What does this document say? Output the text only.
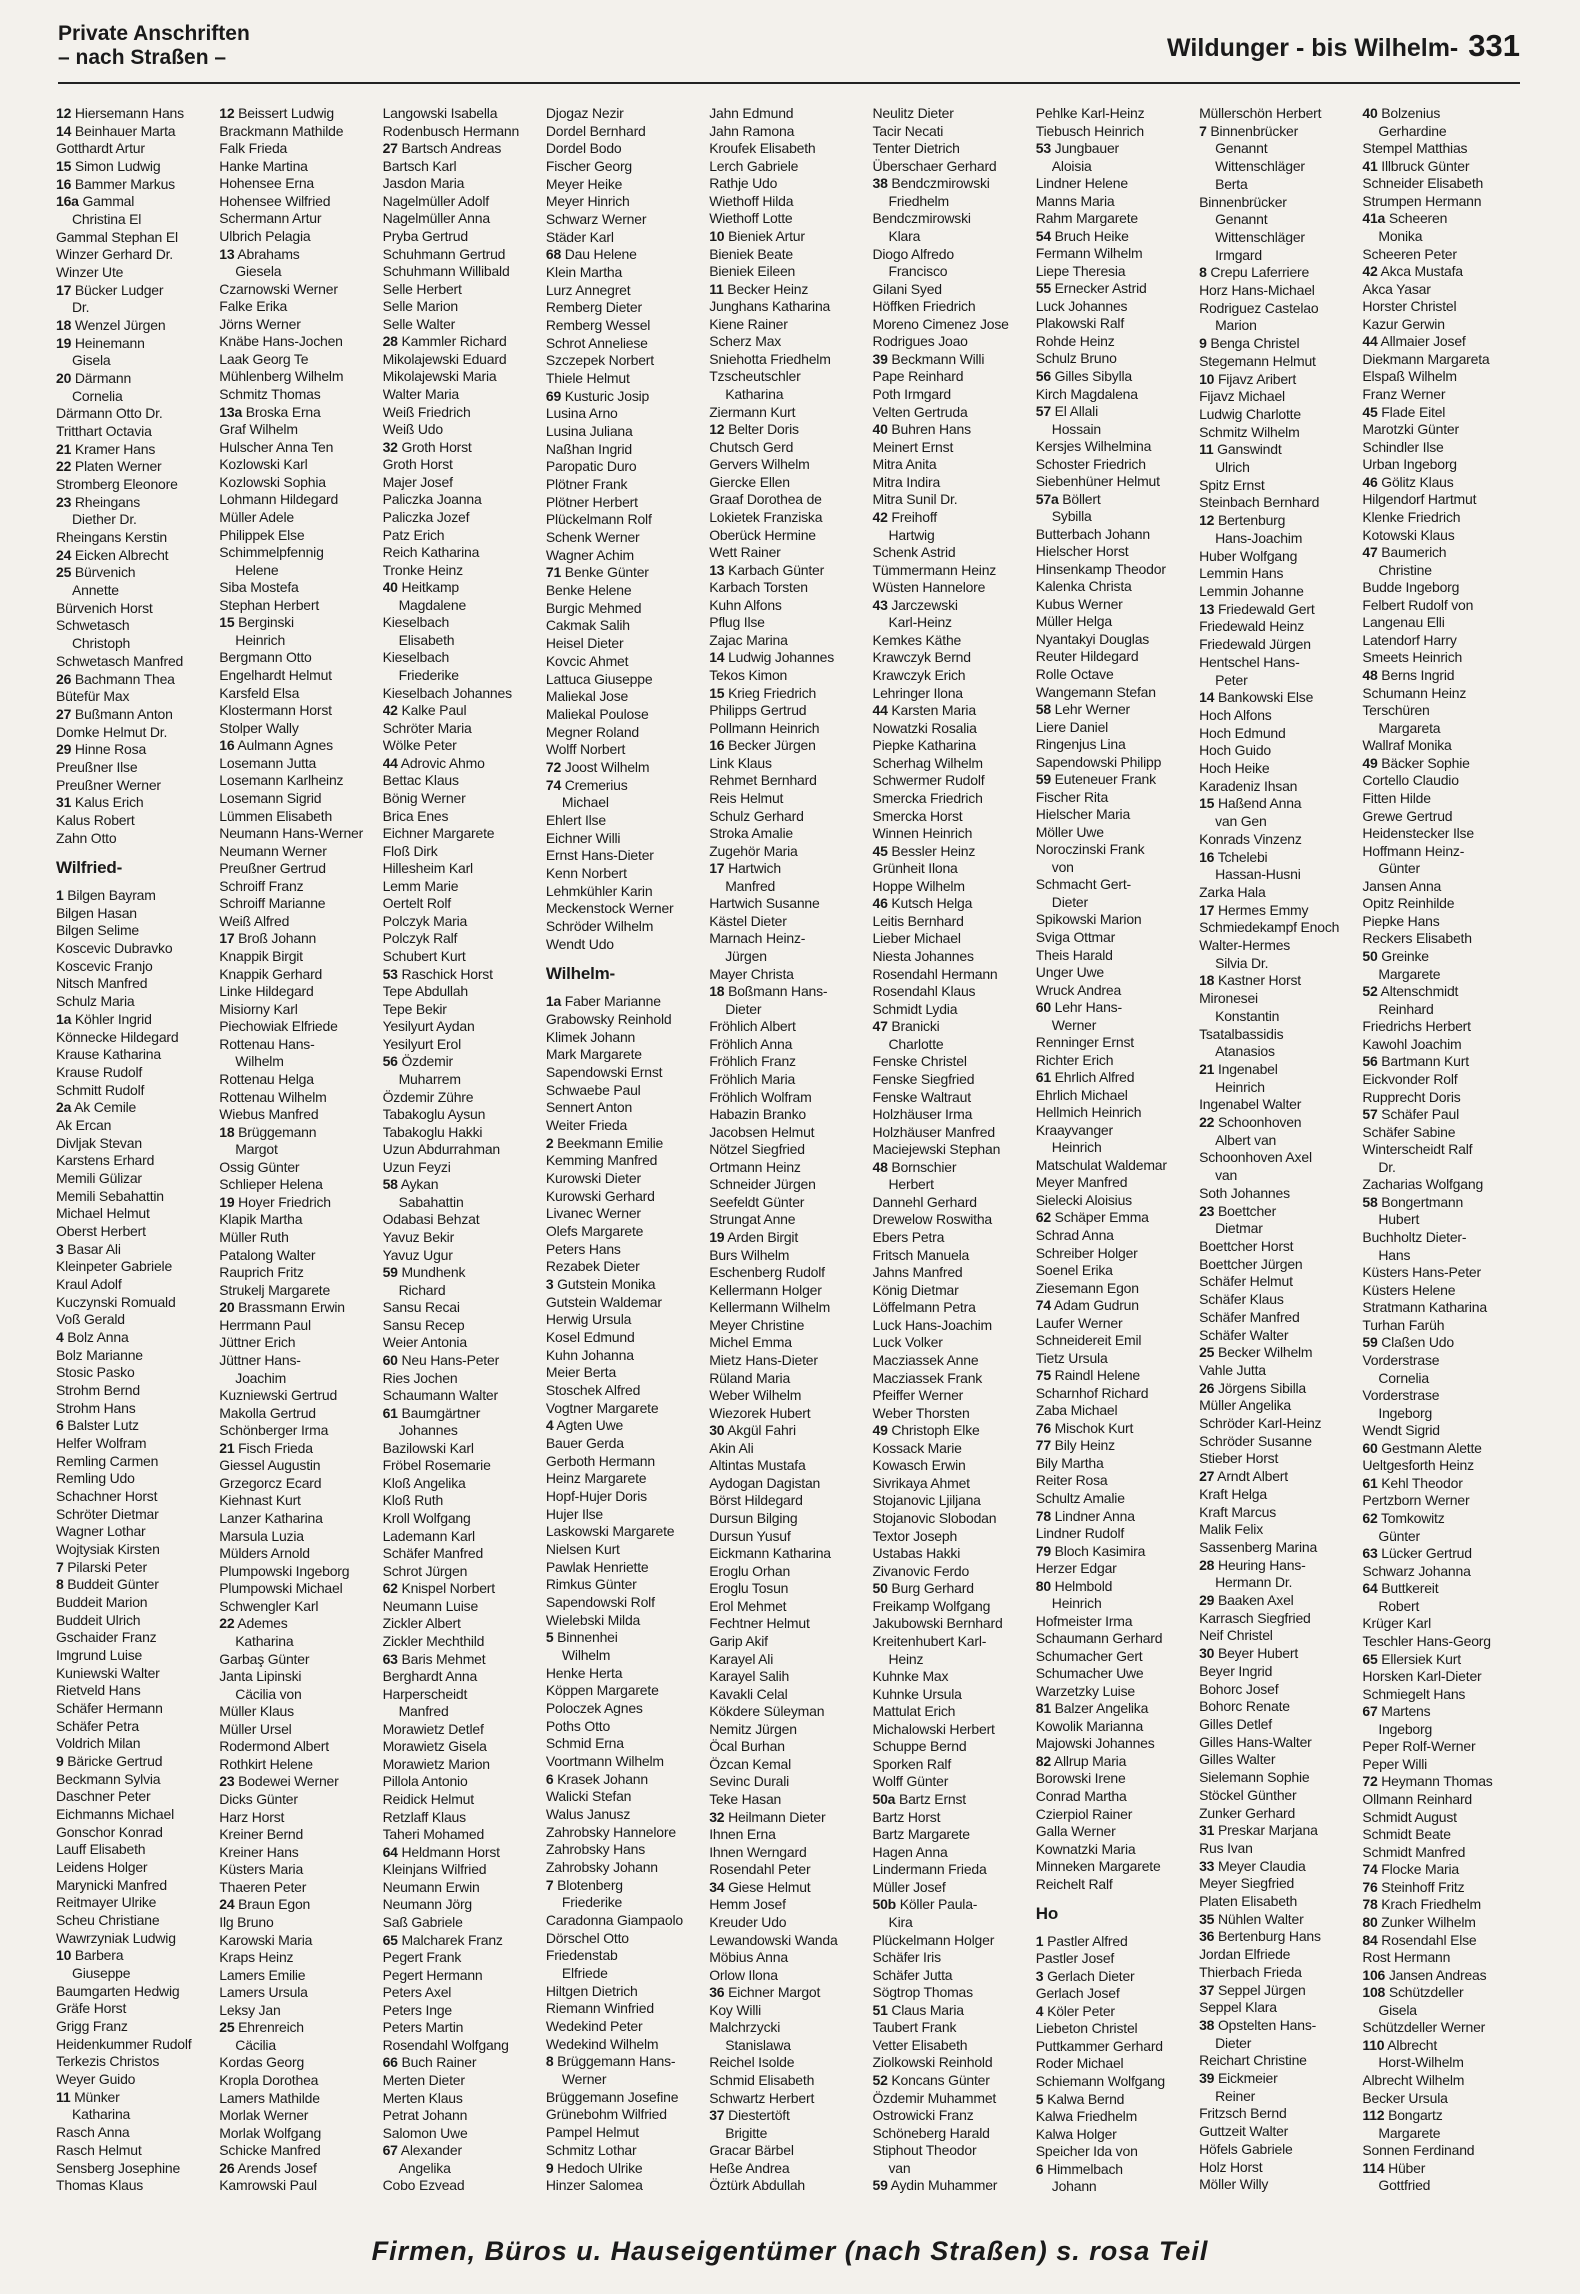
Private Anschriften
– nach Straßen –	Wildunger - bis Wilhelm- 331
12 Hiersemann Hans
14 Beinhauer Marta
Gotthardt Artur
15 Simon Ludwig
16 Bammer Markus
16a Gammal
Christina El
Gammal Stephan El
Winzer Gerhard Dr.
Winzer Ute
17 Bücker Ludger
Dr.
18 Wenzel Jürgen
19 Heinemann
Gisela
20 Därmann
Cornelia
Därmann Otto Dr.
Tritthart Octavia
21 Kramer Hans
22 Platen Werner
Stromberg Eleonore
23 Rheingans
Diether Dr.
Rheingans Kerstin
24 Eicken Albrecht
25 Bürvenich
Annette
Bürvenich Horst
Schwetasch
Christoph
Schwetasch Manfred
26 Bachmann Thea
Bütefür Max
27 Bußmann Anton
Domke Helmut Dr.
29 Hinne Rosa
Preußner Ilse
Preußner Werner
31 Kalus Erich
Kalus Robert
Zahn Otto
Wilfried-
1 Bilgen Bayram
Bilgen Hasan
Bilgen Selime
Koscevic Dubravko
Koscevic Franjo
Nitsch Manfred
Schulz Maria
1a Köhler Ingrid
Könnecke Hildegard
Krause Katharina
Krause Rudolf
Schmitt Rudolf
2a Ak Cemile
Ak Ercan
Divljak Stevan
Karstens Erhard
Memili Gülizar
Memili Sebahattin
Michael Helmut
Oberst Herbert
3 Basar Ali
Kleinpeter Gabriele
Kraul Adolf
Kuczynski Romuald
Voß Gerald
4 Bolz Anna
Bolz Marianne
Stosic Pasko
Strohm Bernd
Strohm Hans
6 Balster Lutz
Helfer Wolfram
Remling Carmen
Remling Udo
Schachner Horst
Schröter Dietmar
Wagner Lothar
Wojtysiak Kirsten
7 Pilarski Peter
8 Buddeit Günter
Buddeit Marion
Buddeit Ulrich
Gschaider Franz
Imgrund Luise
Kuniewski Walter
Rietveld Hans
Schäfer Hermann
Schäfer Petra
Voldrich Milan
9 Bäricke Gertrud
Beckmann Sylvia
Daschner Peter
Eichmanns Michael
Gonschor Konrad
Lauff Elisabeth
Leidens Holger
Marynicki Manfred
Reitmayer Ulrike
Scheu Christiane
Wawrzyniak Ludwig
10 Barbera
Giuseppe
Baumgarten Hedwig
Gräfe Horst
Grigg Franz
Heidenkummer Rudolf
Terkezis Christos
Weyer Guido
11 Münker
Katharina
Rasch Anna
Rasch Helmut
Sensberg Josephine
Thomas Klaus
12 Beissert Ludwig
Brackmann Mathilde
Falk Frieda
Hanke Martina
Hohensee Erna
Hohensee Wilfried
Schermann Artur
Ulbrich Pelagia
13 Abrahams
Giesela
Czarnowski Werner
Falke Erika
Jörns Werner
Knäbe Hans-Jochen
Laak Georg Te
Mühlenberg Wilhelm
Schmitz Thomas
13a Broska Erna
Graf Wilhelm
Hulscher Anna Ten
Kozlowski Karl
Kozlowski Sophia
Lohmann Hildegard
Müller Adele
Philippek Else
Schimmelpfennig
Helene
Siba Mostefa
Stephan Herbert
15 Berginski
Heinrich
Bergmann Otto
Engelhardt Helmut
Karsfeld Elsa
Klostermann Horst
Stolper Wally
16 Aulmann Agnes
Losemann Jutta
Losemann Karlheinz
Losemann Sigrid
Lümmen Elisabeth
Neumann Hans-Werner
Neumann Werner
Preußner Gertrud
Schroiff Franz
Schroiff Marianne
Weiß Alfred
17 Broß Johann
Knappik Birgit
Knappik Gerhard
Linke Hildegard
Misiorny Karl
Piechowiak Elfriede
Rottenau Hans-
Wilhelm
Rottenau Helga
Rottenau Wilhelm
Wiebus Manfred
18 Brüggemann
Margot
Ossig Günter
Schlieper Helena
19 Hoyer Friedrich
Klapik Martha
Müller Ruth
Patalong Walter
Rauprich Fritz
Strukelj Margarete
20 Brassmann Erwin
Herrmann Paul
Jüttner Erich
Jüttner Hans-
Joachim
Kuzniewski Gertrud
Makolla Gertrud
Schönberger Irma
21 Fisch Frieda
Giessel Augustin
Grzegorcz Ecard
Kiehnast Kurt
Lanzer Katharina
Marsula Luzia
Mülders Arnold
Plumpowski Ingeborg
Plumpowski Michael
Schwengler Karl
22 Ademes
Katharina
Garbaş Günter
Janta Lipinski
Cäcilia von
Müller Klaus
Müller Ursel
Rodermond Albert
Rothkirt Helene
23 Bodewei Werner
Dicks Günter
Harz Horst
Kreiner Bernd
Kreiner Hans
Küsters Maria
Thaeren Peter
24 Braun Egon
Ilg Bruno
Karowski Maria
Kraps Heinz
Lamers Emilie
Lamers Ursula
Leksy Jan
25 Ehrenreich
Cäcilia
Kordas Georg
Kropla Dorothea
Lamers Mathilde
Morlak Werner
Morlak Wolfgang
Schicke Manfred
26 Arends Josef
Kamrowski Paul
Langowski Isabella
Rodenbusch Hermann
27 Bartsch Andreas
Bartsch Karl
Jasdon Maria
Nagelmüller Adolf
Nagelmüller Anna
Pryba Gertrud
Schuhmann Gertrud
Schuhmann Willibald
Selle Herbert
Selle Marion
Selle Walter
28 Kammler Richard
Mikolajewski Eduard
Mikolajewski Maria
Walter Maria
Weiß Friedrich
Weiß Udo
32 Groth Horst
Groth Horst
Majer Josef
Paliczka Joanna
Paliczka Jozef
Patz Erich
Reich Katharina
Tronke Heinz
40 Heitkamp
Magdalene
Kieselbach
Elisabeth
Kieselbach
Friederike
Kieselbach Johannes
42 Kalke Paul
Schröter Maria
Wölke Peter
44 Adrovic Ahmo
Bettac Klaus
Bönig Werner
Brica Enes
Eichner Margarete
Floß Dirk
Hillesheim Karl
Lemm Marie
Oertelt Rolf
Polczyk Maria
Polczyk Ralf
Schubert Kurt
53 Raschick Horst
Tepe Abdullah
Tepe Bekir
Yesilyurt Aydan
Yesilyurt Erol
56 Özdemir
Muharrem
Özdemir Zühre
Tabakoglu Aysun
Tabakoglu Hakki
Uzun Abdurrahman
Uzun Feyzi
58 Aykan
Sabahattin
Odabasi Behzat
Yavuz Bekir
Yavuz Ugur
59 Mundhenk
Richard
Sansu Recai
Sansu Recep
Weier Antonia
60 Neu Hans-Peter
Ries Jochen
Schaumann Walter
61 Baumgärtner
Johannes
Bazilowski Karl
Fröbel Rosemarie
Kloß Angelika
Kloß Ruth
Kroll Wolfgang
Lademann Karl
Schäfer Manfred
Schrot Jürgen
62 Knispel Norbert
Neumann Luise
Zickler Albert
Zickler Mechthild
63 Baris Mehmet
Berghardt Anna
Harperscheidt
Manfred
Morawietz Detlef
Morawietz Gisela
Morawietz Marion
Pillola Antonio
Reidick Helmut
Retzlaff Klaus
Taheri Mohamed
64 Heldmann Horst
Kleinjans Wilfried
Neumann Erwin
Neumann Jörg
Saß Gabriele
65 Malcharek Franz
Pegert Frank
Pegert Hermann
Peters Axel
Peters Inge
Peters Martin
Rosendahl Wolfgang
66 Buch Rainer
Merten Dieter
Merten Klaus
Petrat Johann
Salomon Uwe
67 Alexander
Angelika
Cobo Ezvead
Djogaz Nezir
Dordel Bernhard
Dordel Bodo
Fischer Georg
Meyer Heike
Meyer Hinrich
Schwarz Werner
Städer Karl
68 Dau Helene
Klein Martha
Lurz Annegret
Remberg Dieter
Remberg Wessel
Schrot Anneliese
Szczepek Norbert
Thiele Helmut
69 Kusturic Josip
Lusina Arno
Lusina Juliana
Naßhan Ingrid
Paropatic Duro
Plötner Frank
Plötner Herbert
Plückelmann Rolf
Schenk Werner
Wagner Achim
71 Benke Günter
Benke Helene
Burgic Mehmed
Cakmak Salih
Heisel Dieter
Kovcic Ahmet
Lattuca Giuseppe
Maliekal Jose
Maliekal Poulose
Megner Roland
Wolff Norbert
72 Joost Wilhelm
74 Cremerius
Michael
Ehlert Ilse
Eichner Willi
Ernst Hans-Dieter
Kenn Norbert
Lehmkühler Karin
Meckenstock Werner
Schröder Wilhelm
Wendt Udo
Wilhelm-
1a Faber Marianne
Grabowsky Reinhold
Klimek Johann
Mark Margarete
Sapendowski Ernst
Schwaebe Paul
Sennert Anton
Weiter Frieda
2 Beekmann Emilie
Kemming Manfred
Kurowski Dieter
Kurowski Gerhard
Livanec Werner
Olefs Margarete
Peters Hans
Rezabek Dieter
3 Gutstein Monika
Gutstein Waldemar
Herwig Ursula
Kosel Edmund
Kuhn Johanna
Meier Berta
Stoschek Alfred
Vogtner Margarete
4 Agten Uwe
Bauer Gerda
Gerboth Hermann
Heinz Margarete
Hopf-Hujer Doris
Hujer Ilse
Laskowski Margarete
Nielsen Kurt
Pawlak Henriette
Rimkus Günter
Sapendowski Rolf
Wielebski Milda
5 Binnenhei
Wilhelm
Henke Herta
Köppen Margarete
Poloczek Agnes
Poths Otto
Schmid Erna
Voortmann Wilhelm
6 Krasek Johann
Walicki Stefan
Walus Janusz
Zahrobsky Hannelore
Zahrobsky Hans
Zahrobsky Johann
7 Blotenberg
Friederike
Caradonna Giampaolo
Dörschel Otto
Friedenstab
Elfriede
Hiltgen Dietrich
Riemann Winfried
Wedekind Peter
Wedekind Wilhelm
8 Brüggemann Hans-
Werner
Brüggemann Josefine
Grünebohm Wilfried
Pampel Helmut
Schmitz Lothar
9 Hedoch Ulrike
Hinzer Salomea
Jahn Edmund
Jahn Ramona
Kroufek Elisabeth
Lerch Gabriele
Rathje Udo
Wiethoff Hilda
Wiethoff Lotte
10 Bieniek Artur
Bieniek Beate
Bieniek Eileen
11 Becker Heinz
Junghans Katharina
Kiene Rainer
Scherz Max
Sniehotta Friedhelm
Tzscheutschler
Katharina
Ziermann Kurt
12 Belter Doris
Chutsch Gerd
Gervers Wilhelm
Giercke Ellen
Graaf Dorothea de
Lokietek Franziska
Oberück Hermine
Wett Rainer
13 Karbach Günter
Karbach Torsten
Kuhn Alfons
Pflug Ilse
Zajac Marina
14 Ludwig Johannes
Tekos Kimon
15 Krieg Friedrich
Philipps Gertrud
Pollmann Heinrich
16 Becker Jürgen
Link Klaus
Rehmet Bernhard
Reis Helmut
Schulz Gerhard
Stroka Amalie
Zugehör Maria
17 Hartwich
Manfred
Hartwich Susanne
Kästel Dieter
Marnach Heinz-
Jürgen
Mayer Christa
18 Boßmann Hans-
Dieter
Fröhlich Albert
Fröhlich Anna
Fröhlich Franz
Fröhlich Maria
Fröhlich Wolfram
Habazin Branko
Jacobsen Helmut
Nötzel Siegfried
Ortmann Heinz
Schneider Jürgen
Seefeldt Günter
Strungat Anne
19 Arden Birgit
Burs Wilhelm
Eschenberg Rudolf
Kellermann Holger
Kellermann Wilhelm
Meyer Christine
Michel Emma
Mietz Hans-Dieter
Rüland Maria
Weber Wilhelm
Wiezorek Hubert
30 Akgül Fahri
Akin Ali
Altintas Mustafa
Aydogan Dagistan
Börst Hildegard
Dursun Bilging
Dursun Yusuf
Eickmann Katharina
Eroglu Orhan
Eroglu Tosun
Erol Mehmet
Fechtner Helmut
Garip Akif
Karayel Ali
Karayel Salih
Kavakli Celal
Kökdere Süleyman
Nemitz Jürgen
Öcal Burhan
Özcan Kemal
Sevinc Durali
Teke Hasan
32 Heilmann Dieter
Ihnen Erna
Ihnen Werngard
Rosendahl Peter
34 Giese Helmut
Hemm Josef
Kreuder Udo
Lewandowski Wanda
Möbius Anna
Orlow Ilona
36 Eichner Margot
Koy Willi
Malchrzycki
Stanislawa
Reichel Isolde
Schmid Elisabeth
Schwartz Herbert
37 Diestertöft
Brigitte
Gracar Bärbel
Heße Andrea
Öztürk Abdullah
Neulitz Dieter
Tacir Necati
Tenter Dietrich
Überschaer Gerhard
38 Bendczmirowski
Friedhelm
Bendczmirowski
Klara
Diogo Alfredo
Francisco
Gilani Syed
Höffken Friedrich
Moreno Cimenez Jose
Rodrigues Joao
39 Beckmann Willi
Pape Reinhard
Poth Irmgard
Velten Gertruda
40 Buhren Hans
Meinert Ernst
Mitra Anita
Mitra Indira
Mitra Sunil Dr.
42 Freihoff
Hartwig
Schenk Astrid
Tümmermann Heinz
Wüsten Hannelore
43 Jarczewski
Karl-Heinz
Kemkes Käthe
Krawczyk Bernd
Krawczyk Erich
Lehringer Ilona
44 Karsten Maria
Nowatzki Rosalia
Piepke Katharina
Scherhag Wilhelm
Schwermer Rudolf
Smercka Friedrich
Smercka Horst
Winnen Heinrich
45 Bessler Heinz
Grünheit Ilona
Hoppe Wilhelm
46 Kutsch Helga
Leitis Bernhard
Lieber Michael
Niesta Johannes
Rosendahl Hermann
Rosendahl Klaus
Schmidt Lydia
47 Branicki
Charlotte
Fenske Christel
Fenske Siegfried
Fenske Waltraut
Holzhäuser Irma
Holzhäuser Manfred
Maciejewski Stephan
48 Bornschier
Herbert
Dannehl Gerhard
Drewelow Roswitha
Ebers Petra
Fritsch Manuela
Jahns Manfred
König Dietmar
Löffelmann Petra
Luck Hans-Joachim
Luck Volker
Macziassek Anne
Macziassek Frank
Pfeiffer Werner
Weber Thorsten
49 Christoph Elke
Kossack Marie
Kowasch Erwin
Sivrikaya Ahmet
Stojanovic Ljiljana
Stojanovic Slobodan
Textor Joseph
Ustabas Hakki
Zivanovic Ferdo
50 Burg Gerhard
Freikamp Wolfgang
Jakubowski Bernhard
Kreitenhubert Karl-
Heinz
Kuhnke Max
Kuhnke Ursula
Mattulat Erich
Michalowski Herbert
Schuppe Bernd
Sporken Ralf
Wolff Günter
50a Bartz Ernst
Bartz Horst
Bartz Margarete
Hagen Anna
Lindermann Frieda
Müller Josef
50b Köller Paula-
Kira
Plückelmann Holger
Schäfer Iris
Schäfer Jutta
Sögtrop Thomas
51 Claus Maria
Taubert Frank
Vetter Elisabeth
Ziolkowski Reinhold
52 Koncans Günter
Özdemir Muhammet
Ostrowicki Franz
Schöneberg Harald
Stiphout Theodor
van
59 Aydin Muhammer
Pehlke Karl-Heinz
Tiebusch Heinrich
53 Jungbauer
Aloisia
Lindner Helene
Manns Maria
Rahm Margarete
54 Bruch Heike
Fermann Wilhelm
Liepe Theresia
55 Ernecker Astrid
Luck Johannes
Plakowski Ralf
Rohde Heinz
Schulz Bruno
56 Gilles Sibylla
Kirch Magdalena
57 El Allali
Hossain
Kersjes Wilhelmina
Schoster Friedrich
Siebenhüner Helmut
57a Böllert
Sybilla
Butterbach Johann
Hielscher Horst
Hinsenkamp Theodor
Kalenka Christa
Kubus Werner
Müller Helga
Nyantakyi Douglas
Reuter Hildegard
Rolle Octave
Wangemann Stefan
58 Lehr Werner
Liere Daniel
Ringenjus Lina
Sapendowski Philipp
59 Euteneuer Frank
Fischer Rita
Hielscher Maria
Möller Uwe
Noroczinski Frank
von
Schmacht Gert-
Dieter
Spikowski Marion
Sviga Ottmar
Theis Harald
Unger Uwe
Wruck Andrea
60 Lehr Hans-
Werner
Renninger Ernst
Richter Erich
61 Ehrlich Alfred
Ehrlich Michael
Hellmich Heinrich
Kraayvanger
Heinrich
Matschulat Waldemar
Meyer Manfred
Sielecki Aloisius
62 Schäper Emma
Schrad Anna
Schreiber Holger
Soenel Erika
Ziesemann Egon
74 Adam Gudrun
Laufer Werner
Schneidereit Emil
Tietz Ursula
75 Raindl Helene
Scharnhof Richard
Zaba Michael
76 Mischok Kurt
77 Bily Heinz
Bily Martha
Reiter Rosa
Schultz Amalie
78 Lindner Anna
Lindner Rudolf
79 Bloch Kasimira
Herzer Edgar
80 Helmbold
Heinrich
Hofmeister Irma
Schaumann Gerhard
Schumacher Gert
Schumacher Uwe
Warzetzky Luise
81 Balzer Angelika
Kowolik Marianna
Majowski Johannes
82 Allrup Maria
Borowski Irene
Conrad Martha
Czierpiol Rainer
Galla Werner
Kownatzki Maria
Minneken Margarete
Reichelt Ralf
Ho
1 Pastler Alfred
Pastler Josef
3 Gerlach Dieter
Gerlach Josef
4 Köler Peter
Liebeton Christel
Puttkammer Gerhard
Roder Michael
Schiemann Wolfgang
5 Kalwa Bernd
Kalwa Friedhelm
Kalwa Holger
Speicher Ida von
6 Himmelbach
Johann
Müllerschön Herbert
7 Binnenbrücker
Genannt
Wittenschläger
Berta
Binnenbrücker
Genannt
Wittenschläger
Irmgard
8 Crepu Laferriere
Horz Hans-Michael
Rodriguez Castelao
Marion
9 Benga Christel
Stegemann Helmut
10 Fijavz Aribert
Fijavz Michael
Ludwig Charlotte
Schmitz Wilhelm
11 Ganswindt
Ulrich
Spitz Ernst
Steinbach Bernhard
12 Bertenburg
Hans-Joachim
Huber Wolfgang
Lemmin Hans
Lemmin Johanne
13 Friedewald Gert
Friedewald Heinz
Friedewald Jürgen
Hentschel Hans-
Peter
14 Bankowski Else
Hoch Alfons
Hoch Edmund
Hoch Guido
Hoch Heike
Karadeniz Ihsan
15 Haßend Anna
van Gen
Konrads Vinzenz
16 Tchelebi
Hassan-Husni
Zarka Hala
17 Hermes Emmy
Schmiedekampf Enoch
Walter-Hermes
Silvia Dr.
18 Kastner Horst
Mironesei
Konstantin
Tsatalbassidis
Atanasios
21 Ingenabel
Heinrich
Ingenabel Walter
22 Schoonhoven
Albert van
Schoonhoven Axel
van
Soth Johannes
23 Boettcher
Dietmar
Boettcher Horst
Boettcher Jürgen
Schäfer Helmut
Schäfer Klaus
Schäfer Manfred
Schäfer Walter
25 Becker Wilhelm
Vahle Jutta
26 Jörgens Sibilla
Müller Angelika
Schröder Karl-Heinz
Schröder Susanne
Stieber Horst
27 Arndt Albert
Kraft Helga
Kraft Marcus
Malik Felix
Sassenberg Marina
28 Heuring Hans-
Hermann Dr.
29 Baaken Axel
Karrasch Siegfried
Neif Christel
30 Beyer Hubert
Beyer Ingrid
Bohorc Josef
Bohorc Renate
Gilles Detlef
Gilles Hans-Walter
Gilles Walter
Sielemann Sophie
Stöckel Günther
Zunker Gerhard
31 Preskar Marjana
Rus Ivan
33 Meyer Claudia
Meyer Siegfried
Platen Elisabeth
35 Nühlen Walter
36 Bertenburg Hans
Jordan Elfriede
Thierbach Frieda
37 Seppel Jürgen
Seppel Klara
38 Opstelten Hans-
Dieter
Reichart Christine
39 Eickmeier
Reiner
Fritzsch Bernd
Guttzeit Walter
Höfels Gabriele
Holz Horst
Möller Willy
40 Bolzenius
Gerhardine
Stempel Matthias
41 Illbruck Günter
Schneider Elisabeth
Strumpen Hermann
41a Scheeren
Monika
Scheeren Peter
42 Akca Mustafa
Akca Yasar
Horster Christel
Kazur Gerwin
44 Allmaier Josef
Diekmann Margareta
Elspaß Wilhelm
Franz Werner
45 Flade Eitel
Marotzki Günter
Schindler Ilse
Urban Ingeborg
46 Gölitz Klaus
Hilgendorf Hartmut
Klenke Friedrich
Kotowski Klaus
47 Baumerich
Christine
Budde Ingeborg
Felbert Rudolf von
Langenau Elli
Latendorf Harry
Smeets Heinrich
48 Berns Ingrid
Schumann Heinz
Terschüren
Margareta
Wallraf Monika
49 Bäcker Sophie
Cortello Claudio
Fitten Hilde
Grewe Gertrud
Heidenstecker Ilse
Hoffmann Heinz-
Günter
Jansen Anna
Opitz Reinhilde
Piepke Hans
Reckers Elisabeth
50 Greinke
Margarete
52 Altenschmidt
Reinhard
Friedrichs Herbert
Kawohl Joachim
56 Bartmann Kurt
Eickvonder Rolf
Rupprecht Doris
57 Schäfer Paul
Schäfer Sabine
Winterscheidt Ralf
Dr.
Zacharias Wolfgang
58 Bongertmann
Hubert
Buchholtz Dieter-
Hans
Küsters Hans-Peter
Küsters Helene
Stratmann Katharina
Turhan Farüh
59 Claßen Udo
Vorderstrase
Cornelia
Vorderstrase
Ingeborg
Wendt Sigrid
60 Gestmann Alette
Ueltgesforth Heinz
61 Kehl Theodor
Pertzborn Werner
62 Tomkowitz
Günter
63 Lücker Gertrud
Schwarz Johanna
64 Buttkereit
Robert
Krüger Karl
Teschler Hans-Georg
65 Ellersiek Kurt
Horsken Karl-Dieter
Schmiegelt Hans
67 Martens
Ingeborg
Peper Rolf-Werner
Peper Willi
72 Heymann Thomas
Ollmann Reinhard
Schmidt August
Schmidt Beate
Schmidt Manfred
74 Flocke Maria
76 Steinhoff Fritz
78 Krach Friedhelm
80 Zunker Wilhelm
84 Rosendahl Else
Rost Hermann
106 Jansen Andreas
108 Schützdeller
Gisela
Schützdeller Werner
110 Albrecht
Horst-Wilhelm
Albrecht Wilhelm
Becker Ursula
112 Bongartz
Margarete
Sonnen Ferdinand
114 Hüber
Gottfried
Firmen, Büros u. Hauseigentümer (nach Straßen) s. rosa Teil
